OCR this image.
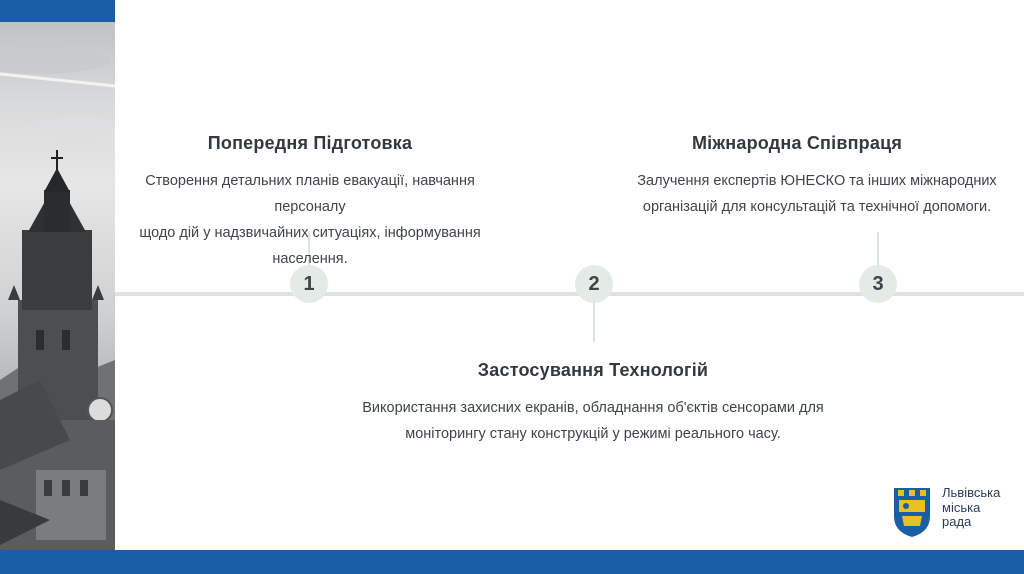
1	2	3
Попередня Підготовка

Створення детальних планів евакуації, навчання персоналу
щодо дій у надзвичайних ситуаціях, інформування населення.

Застосування Технологій

Використання захисних екранів, обладнання об'єктів сенсорами для
моніторингу стану конструкцій у режимі реального часу.

Міжнародна Співпраця

Залучення експертів ЮНЕСКО та інших міжнародних
організацій для консультацій та технічної допомоги.

Львівська
міська
рада
